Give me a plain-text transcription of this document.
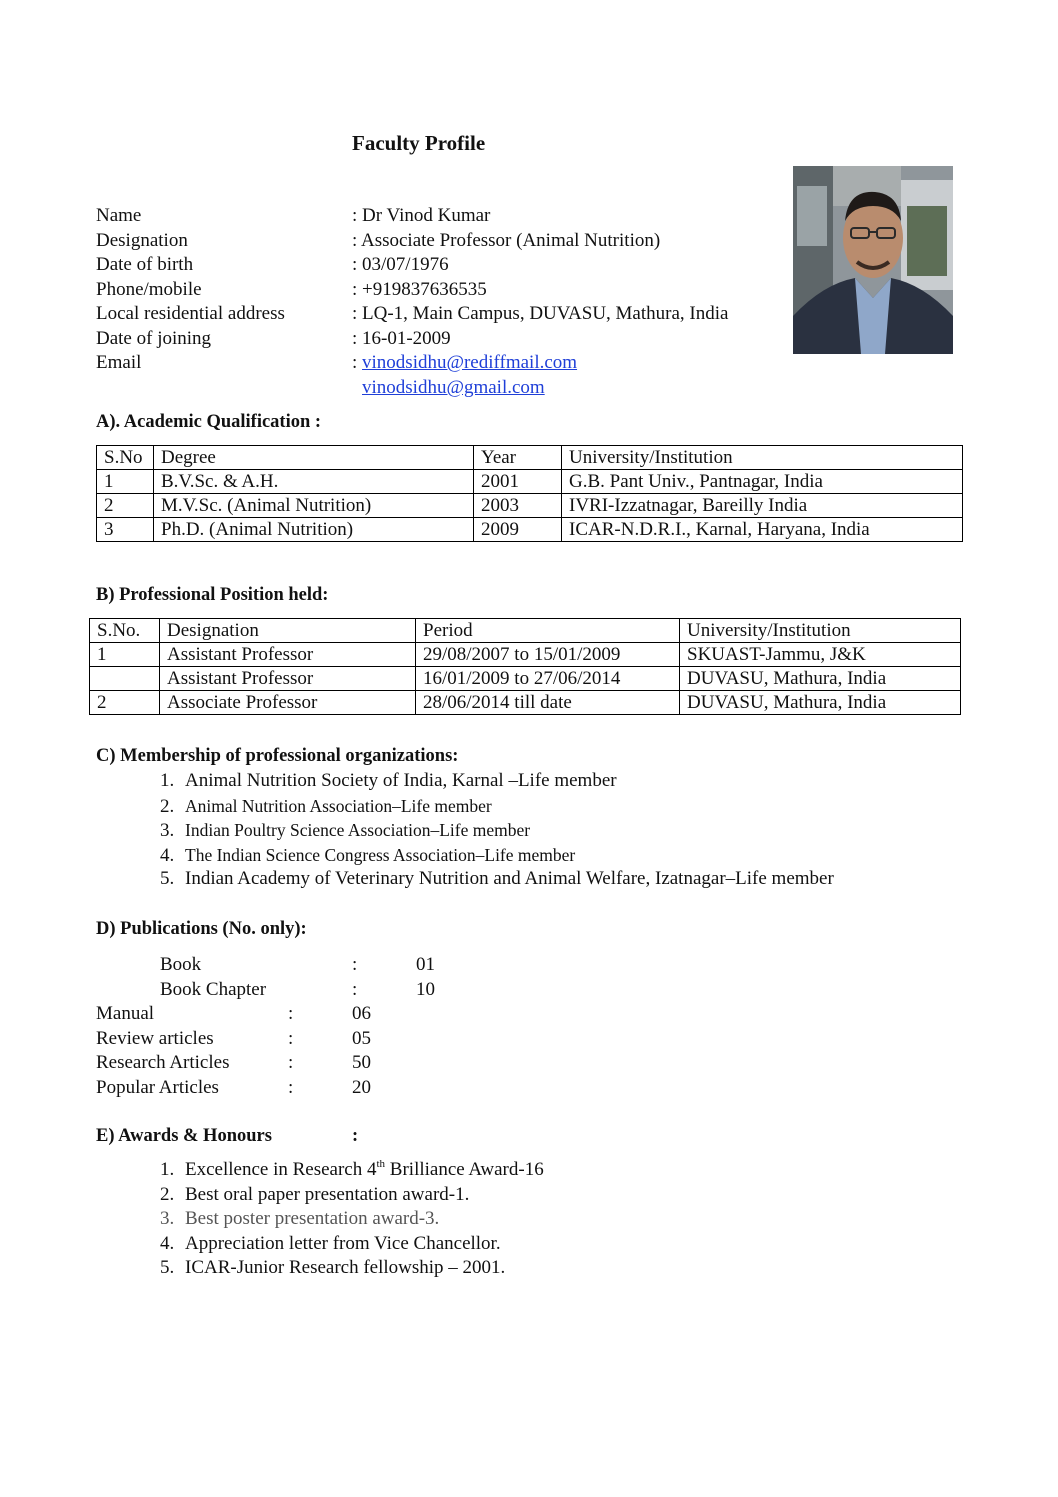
Faculty Profile
Name	: Dr Vinod Kumar
Designation	: Associate Professor (Animal Nutrition)
Date of birth	: 03/07/1976
Phone/mobile	: +919837636535
Local residential address	: LQ-1, Main Campus, DUVASU, Mathura, India
Date of joining	: 16-01-2009
Email	: vinodsidhu@rediffmail.com
vinodsidhu@gmail.com
A). Academic Qualification :
S.No	Degree	Year	University/Institution
1	B.V.Sc. & A.H.	2001	G.B. Pant Univ., Pantnagar, India
2	M.V.Sc. (Animal Nutrition)	2003	IVRI-Izzatnagar, Bareilly India
3	Ph.D. (Animal Nutrition)	2009	ICAR-N.D.R.I., Karnal, Haryana, India
B) Professional Position held:
S.No.	Designation	Period	University/Institution
1	Assistant Professor	29/08/2007 to 15/01/2009	SKUAST-Jammu, J&K
	Assistant Professor	16/01/2009 to 27/06/2014	DUVASU, Mathura, India
2	Associate Professor	28/06/2014 till date	DUVASU, Mathura, India
C) Membership of professional organizations:
1. Animal Nutrition Society of India, Karnal –Life member
2. Animal Nutrition Association–Life member
3. Indian Poultry Science Association–Life member
4. The Indian Science Congress Association–Life member
5. Indian Academy of Veterinary Nutrition and Animal Welfare, Izatnagar–Life member
D) Publications (No. only):
Book	:	01
Book Chapter	:	10
Manual	:	06
Review articles	:	05
Research Articles	:	50
Popular Articles	:	20
E) Awards & Honours	:
1. Excellence in Research 4th Brilliance Award-16
2. Best oral paper presentation award-1.
3. Best poster presentation award-3.
4. Appreciation letter from Vice Chancellor.
5. ICAR-Junior Research fellowship – 2001.
